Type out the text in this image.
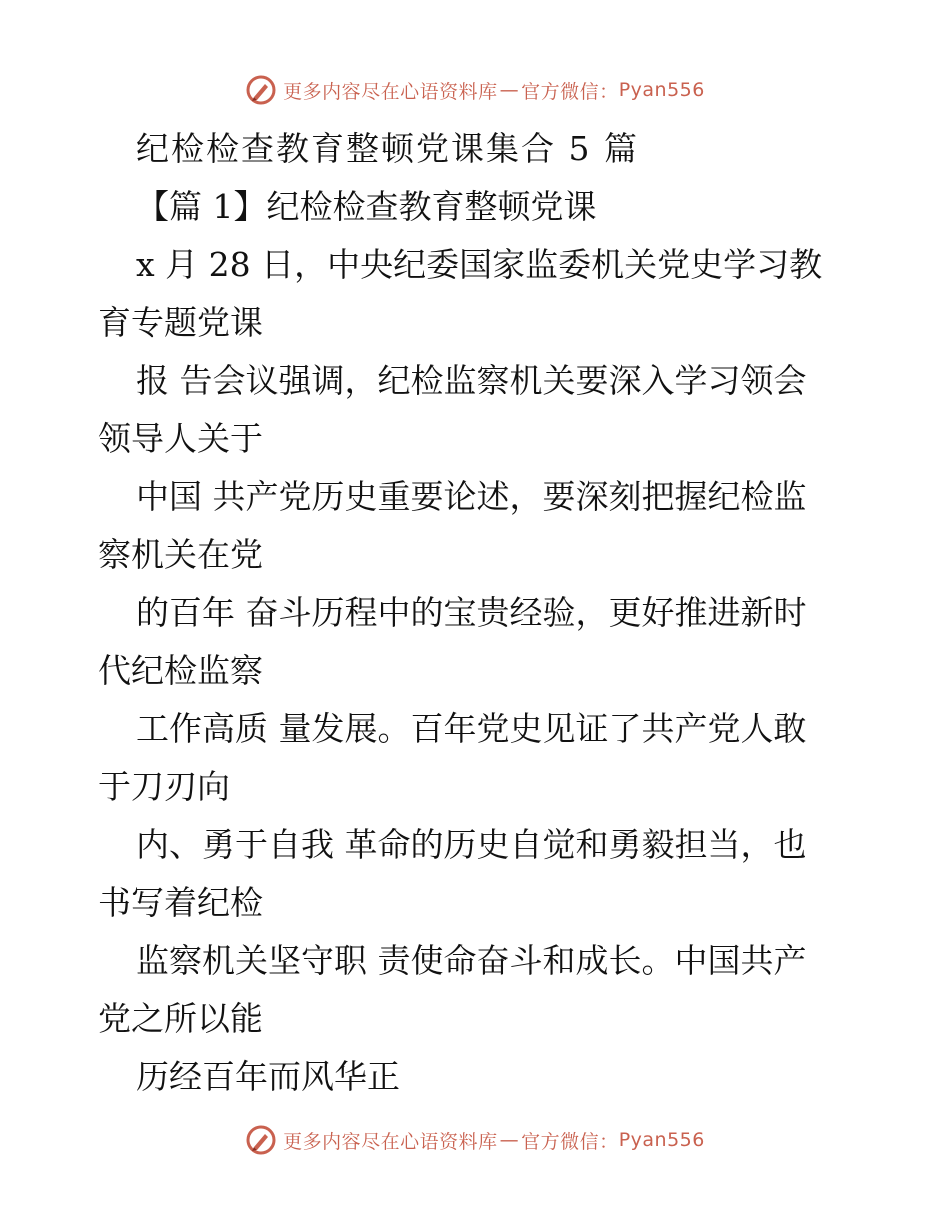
更多内容尽在心语资料库 — 官方微信： Pyan556
纪检检查教育整顿党课集合 5 篇
【篇 1】纪检检查教育整顿党课
x 月 28 日，中央纪委国家监委机关党史学习教
育专题党课
报 告会议强调，纪检监察机关要深入学习领会
领导人关于
中国 共产党历史重要论述，要深刻把握纪检监
察机关在党
的百年 奋斗历程中的宝贵经验，更好推进新时
代纪检监察
工作高质 量发展。百年党史见证了共产党人敢
于刀刃向
内、勇于自我 革命的历史自觉和勇毅担当，也
书写着纪检
监察机关坚守职 责使命奋斗和成长。中国共产
党之所以能
历经百年而风华正
更多内容尽在心语资料库 — 官方微信： Pyan556
